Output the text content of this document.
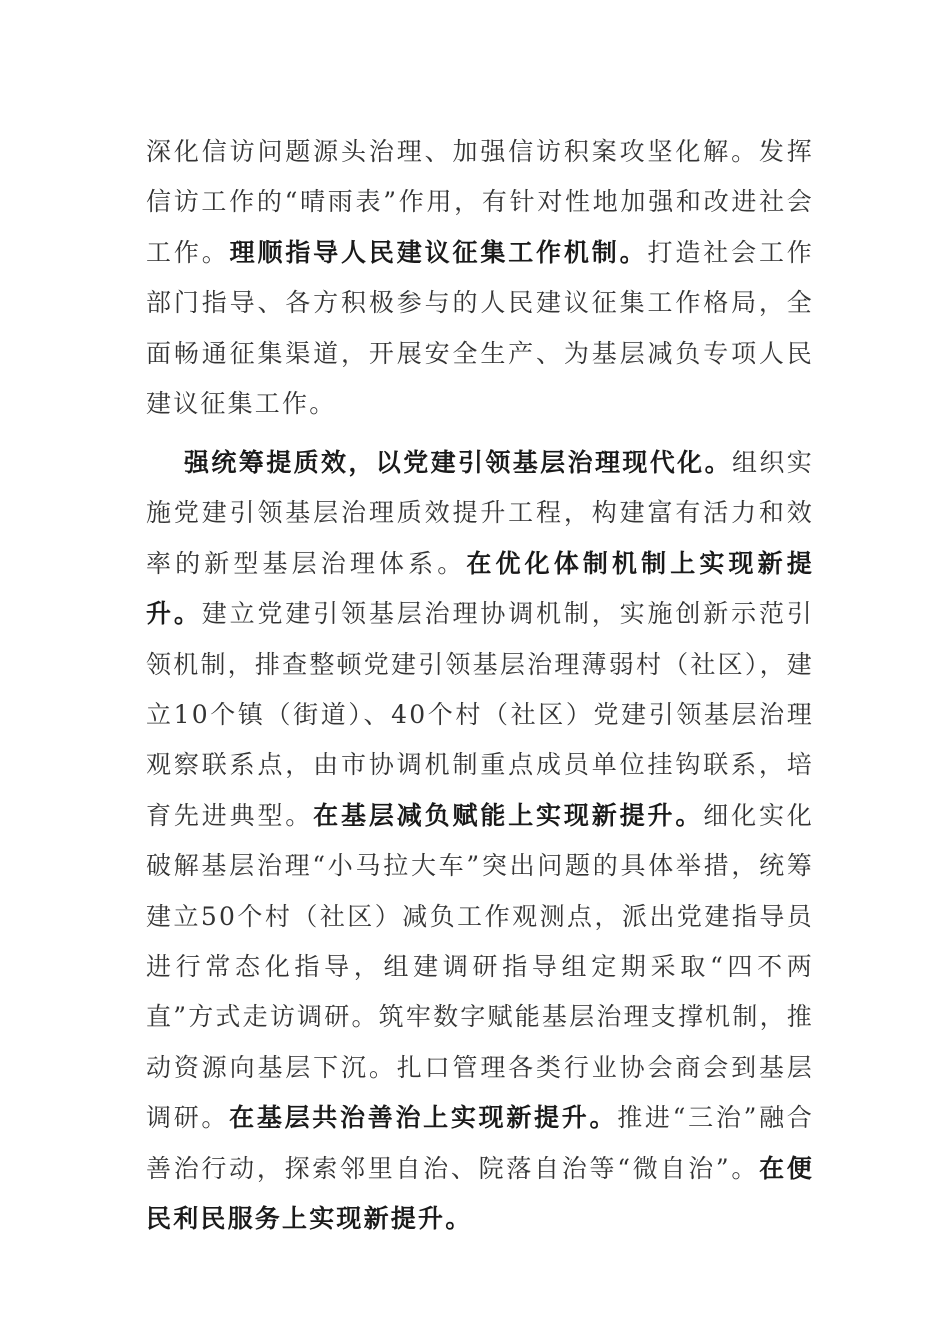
深化信访问题源头治理、加强信访积案攻坚化解。发挥信访工作的“晴雨表”作用，有针对性地加强和改进社会工作。理顺指导人民建议征集工作机制。打造社会工作部门指导、各方积极参与的人民建议征集工作格局，全面畅通征集渠道，开展安全生产、为基层减负专项人民建议征集工作。

强统筹提质效，以党建引领基层治理现代化。组织实施党建引领基层治理质效提升工程，构建富有活力和效率的新型基层治理体系。在优化体制机制上实现新提升。建立党建引领基层治理协调机制，实施创新示范引领机制，排查整顿党建引领基层治理薄弱村（社区），建立10个镇（街道）、40个村（社区）党建引领基层治理观察联系点，由市协调机制重点成员单位挂钩联系，培育先进典型。在基层减负赋能上实现新提升。细化实化破解基层治理“小马拉大车”突出问题的具体举措，统筹建立50个村（社区）减负工作观测点，派出党建指导员进行常态化指导，组建调研指导组定期采取“四不两直”方式走访调研。筑牢数字赋能基层治理支撑机制，推动资源向基层下沉。扎口管理各类行业协会商会到基层调研。在基层共治善治上实现新提升。推进“三治”融合善治行动，探索邻里自治、院落自治等“微自治”。在便民利民服务上实现新提升。
